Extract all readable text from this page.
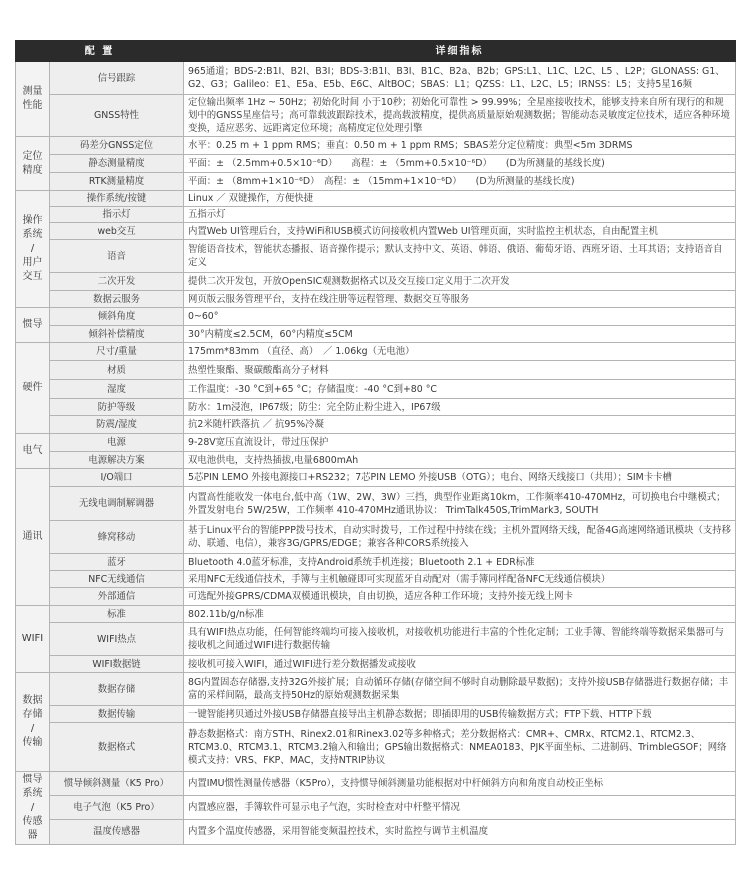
配 置		详细指标
测量
性能	信号跟踪	965通道；BDS-2:B1I、B2I、B3I；BDS-3:B1I、B3I、B1C、B2a、B2b；GPS:L1、L1C、L2C、L5 、L2P；GLONASS: G1、G2、G3；Galileo：E1、E5a、E5b、E6C、AltBOC；SBAS：L1；QZSS：L1、L2C、L5；IRNSS：L5；支持5星16频
	GNSS特性	定位输出频率 1Hz ~ 50Hz；初始化时间 小于10秒；初始化可靠性 > 99.99%；全星座接收技术，能够支持来自所有现行的和规划中的GNSS星座信号；高可靠载波跟踪技术，提高载波精度，提供高质量原始观测数据；智能动态灵敏度定位技术，适应各种环境变换，适应恶劣、远距离定位环境；高精度定位处理引擎
定位
精度	码差分GNSS定位	水平：0.25 m + 1 ppm RMS；垂直：0.50 m + 1 ppm RMS；SBAS差分定位精度：典型<5m 3DRMS
	静态测量精度	平面：± （2.5mm+0.5×10⁻⁶D）　　高程：± （5mm+0.5×10⁻⁶D）　　(D为所测量的基线长度)
	RTK测量精度	平面：± （8mm+1×10⁻⁶D）　高程：± （15mm+1×10⁻⁶D）　　(D为所测量的基线长度)
操作
系统
/
用户
交互	操作系统/按键	Linux ／ 双键操作，方便快捷
	指示灯	五指示灯
	web交互	内置Web UI管理后台，支持WiFi和USB模式访问接收机内置Web UI管理页面，实时监控主机状态，自由配置主机
	语音	智能语音技术，智能状态播报、语音操作提示；默认支持中文、英语、韩语、俄语、葡萄牙语、西班牙语、土耳其语；支持语音自定义
	二次开发	提供二次开发包，开放OpenSIC观测数据格式以及交互接口定义用于二次开发
	数据云服务	网页版云服务管理平台，支持在线注册等远程管理、数据交互等服务
惯导	倾斜角度	0~60°
	倾斜补偿精度	30°内精度≤2.5CM，60°内精度≤5CM
硬件	尺寸/重量	175mm*83mm （直径、高）　／ 1.06kg（无电池）
	材质	热塑性聚酯、聚碳酸酯高分子材料
	湿度	工作温度：-30 °C到+65 °C；存储温度：-40 °C到+80 °C
	防护等级	防水：1m浸泡，IP67级；防尘：完全防止粉尘进入，IP67级
	防震/湿度	抗2米随杆跌落抗 ／ 抗95%冷凝
电气	电源	9-28V宽压直流设计，带过压保护
	电源解决方案	双电池供电，支持热插拔,电量6800mAh
通讯	I/O端口	5芯PIN LEMO 外接电源接口+RS232；7芯PIN LEMO 外接USB（OTG）；电台、网络天线接口（共用）；SIM卡卡槽
	无线电调制解调器	内置高性能收发一体电台,低中高（1W、2W、3W）三挡，典型作业距离10km，工作频率410-470MHz，可切换电台中继模式；外置发射电台 5W/25W，工作频率 410-470MHz通讯协议： TrimTalk450S,TrimMark3, SOUTH
	蜂窝移动	基于Linux平台的智能PPP拨号技术，自动实时拨号，工作过程中持续在线；主机外置网络天线，配备4G高速网络通讯模块（支持移动、联通、电信），兼容3G/GPRS/EDGE；兼容各种CORS系统接入
	蓝牙	Bluetooth 4.0蓝牙标准，支持Android系统手机连接；Bluetooth 2.1 + EDR标准
	NFC无线通信	采用NFC无线通信技术，手簿与主机触碰即可实现蓝牙自动配对（需手簿同样配备NFC无线通信模块）
	外部通信	可选配外接GPRS/CDMA双模通讯模块，自由切换，适应各种工作环境；支持外接无线上网卡
WIFI	标准	802.11b/g/n标准
	WIFI热点	具有WIFI热点功能，任何智能终端均可接入接收机，对接收机功能进行丰富的个性化定制；工业手簿、智能终端等数据采集器可与接收机之间通过WIFI进行数据传输
	WIFI数据链	接收机可接入WIFI，通过WIFI进行差分数据播发或接收
数据
存储
/
传输	数据存储	8G内置固态存储器,支持32G外接扩展；自动循环存储(存储空间不够时自动删除最早数据)；支持外接USB存储器进行数据存储；丰富的采样间隔，最高支持50Hz的原始观测数据采集
	数据传输	一键智能拷贝通过外接USB存储器直接导出主机静态数据；即插即用的USB传输数据方式；FTP下载、HTTP下载
	数据格式	静态数据格式：南方STH、Rinex2.01和Rinex3.02等多种格式；差分数据格式：CMR+、CMRx、RTCM2.1、RTCM2.3、RTCM3.0、RTCM3.1、RTCM3.2输入和输出；GPS输出数据格式：NMEA0183、PJK平面坐标、二进制码、TrimbleGSOF；网络模式支持：VRS、FKP、MAC，支持NTRIP协议
惯导
系统
/
传感器	惯导倾斜测量（K5 Pro）	内置IMU惯性测量传感器（K5Pro），支持惯导倾斜测量功能根据对中杆倾斜方向和角度自动校正坐标
	电子气泡（K5 Pro）	内置感应器，手簿软件可显示电子气泡，实时检查对中杆整平情况
	温度传感器	内置多个温度传感器，采用智能变频温控技术，实时监控与调节主机温度
